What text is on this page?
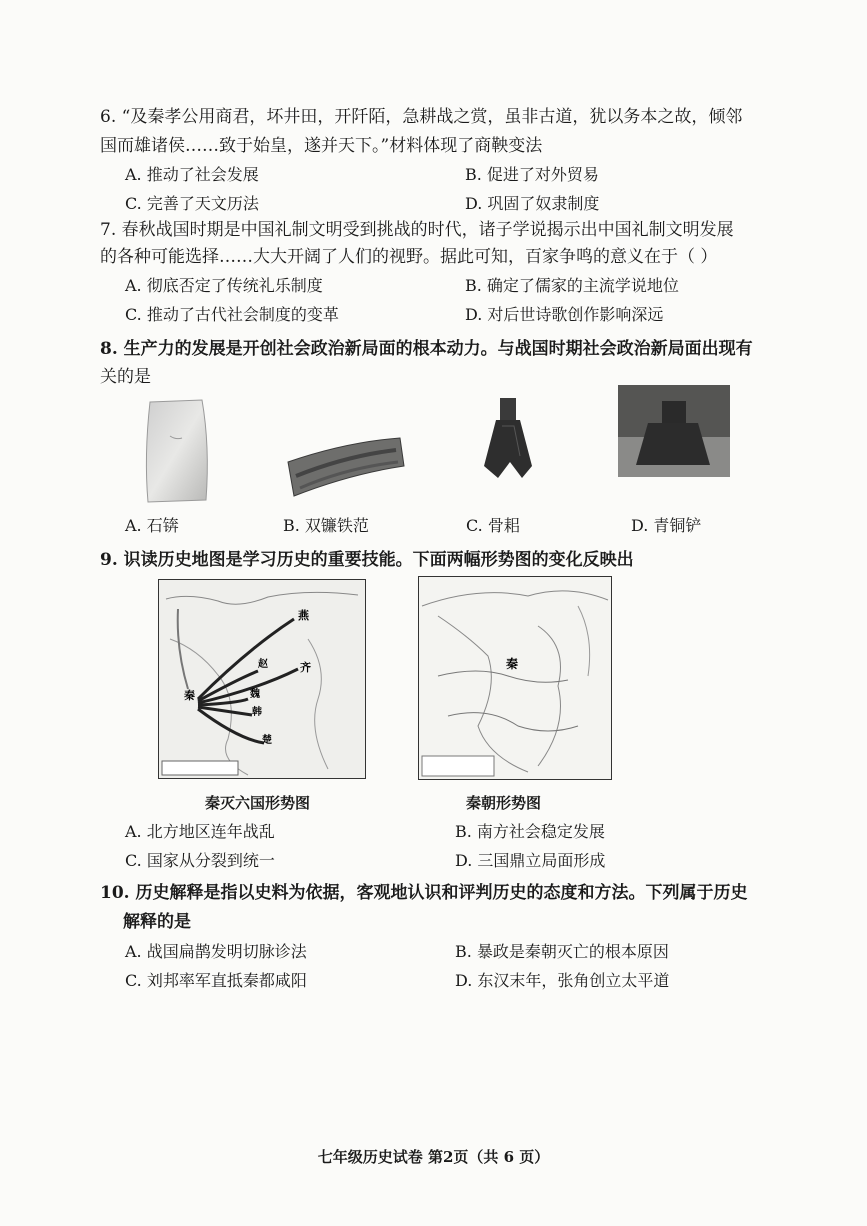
6. “及秦孝公用商君，坏井田，开阡陌，急耕战之赏，虽非古道，犹以务本之故，倾邻
国而雄诸侯……致于始皇，遂并天下。”材料体现了商鞅变法
A. 推动了社会发展	B. 促进了对外贸易
C. 完善了天文历法	D. 巩固了奴隶制度
7. 春秋战国时期是中国礼制文明受到挑战的时代，诸子学说揭示出中国礼制文明发展
的各种可能选择……大大开阔了人们的视野。据此可知，百家争鸣的意义在于（ ）
A. 彻底否定了传统礼乐制度	B. 确定了儒家的主流学说地位
C. 推动了古代社会制度的变革	D. 对后世诗歌创作影响深远
8. 生产力的发展是开创社会政治新局面的根本动力。与战国时期社会政治新局面出现有
关的是
A. 石锛	B. 双镰铁范	C. 骨耜	D. 青铜铲
9. 识读历史地图是学习历史的重要技能。下面两幅形势图的变化反映出
燕
赵	齐
秦	魏
韩
楚
秦
秦灭六国形势图	秦朝形势图
A. 北方地区连年战乱	B. 南方社会稳定发展
C. 国家从分裂到统一	D. 三国鼎立局面形成
10. 历史解释是指以史料为依据，客观地认识和评判历史的态度和方法。下列属于历史
解释的是
A. 战国扁鹊发明切脉诊法	B. 暴政是秦朝灭亡的根本原因
C. 刘邦率军直抵秦都咸阳	D. 东汉末年，张角创立太平道
七年级历史试卷 第2页（共 6 页）
